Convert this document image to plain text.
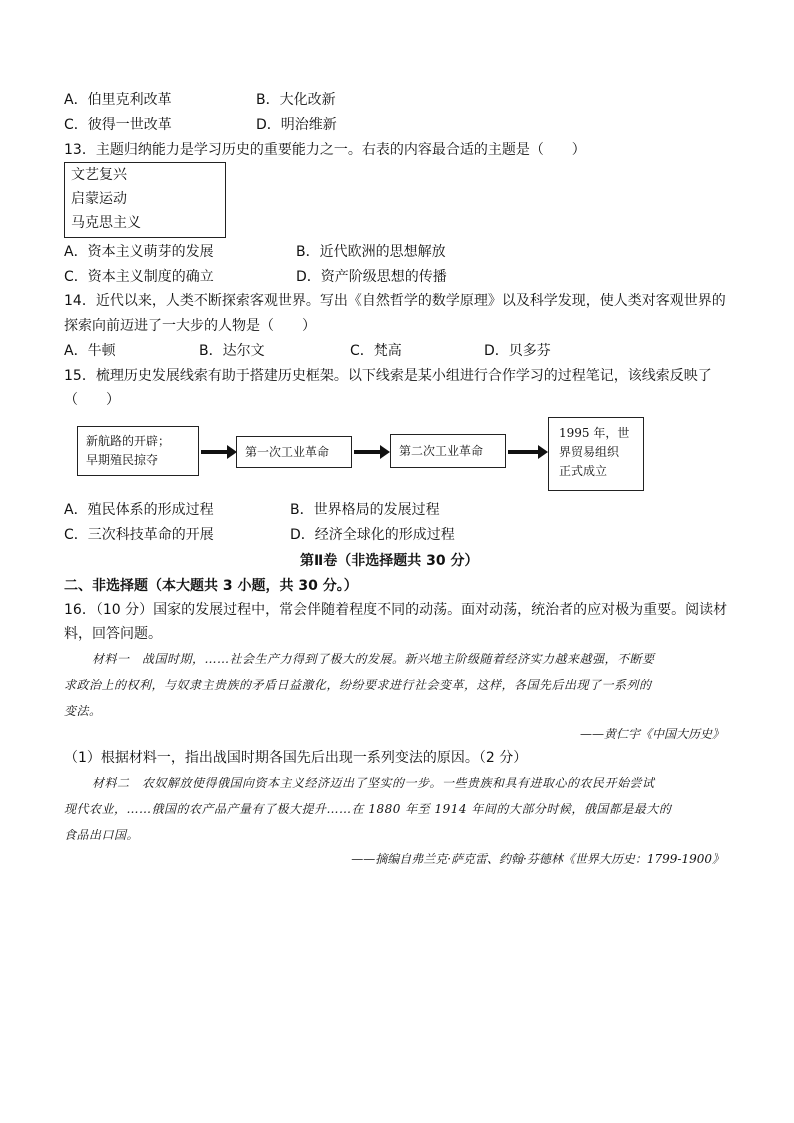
A．伯里克利改革	B．大化改新
C．彼得一世改革	D．明治维新
13．主题归纳能力是学习历史的重要能力之一。右表的内容最合适的主题是（　　）
文艺复兴
启蒙运动
马克思主义
A．资本主义萌芽的发展	B．近代欧洲的思想解放
C．资本主义制度的确立	D．资产阶级思想的传播
14．近代以来，人类不断探索客观世界。写出《自然哲学的数学原理》以及科学发现，使人类对客观世界的
探索向前迈进了一大步的人物是（　　）
A．牛顿	B．达尔文	C．梵高	D．贝多芬
15．梳理历史发展线索有助于搭建历史框架。以下线索是某小组进行合作学习的过程笔记，该线索反映了
（　　）
新航路的开辟；
早期殖民掠夺
第一次工业革命	第二次工业革命
1995 年，世
界贸易组织
正式成立
A．殖民体系的形成过程	B．世界格局的发展过程
C．三次科技革命的开展	D．经济全球化的形成过程
第Ⅱ卷（非选择题共 30 分）
二、非选择题（本大题共 3 小题，共 30 分。）
16．（10 分）国家的发展过程中，常会伴随着程度不同的动荡。面对动荡，统治者的应对极为重要。阅读材
料，回答问题。
材料一　战国时期，……社会生产力得到了极大的发展。新兴地主阶级随着经济实力越来越强，不断要
求政治上的权利，与奴隶主贵族的矛盾日益激化，纷纷要求进行社会变革，这样，各国先后出现了一系列的
变法。
——黄仁宇《中国大历史》
（1）根据材料一，指出战国时期各国先后出现一系列变法的原因。（2 分）
材料二　农奴解放使得俄国向资本主义经济迈出了坚实的一步。一些贵族和具有进取心的农民开始尝试
现代农业，……俄国的农产品产量有了极大提升……在 1880 年至 1914 年间的大部分时候，俄国都是最大的
食品出口国。
——摘编自弗兰克·萨克雷、约翰·芬德林《世界大历史：1799-1900》
